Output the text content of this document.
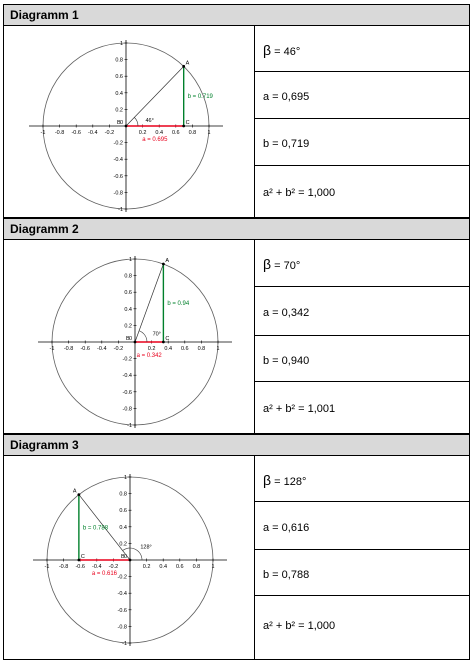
Diagramm 1
-1 -0.8 -0.6 -0.4 -0.2	0.2 0.4 0.6 0.8 1
1
0.8
0.6
0.4
0.2
-0.2
-0.4
-0.6
-0.8
-1
0	46°
A
B	C
a = 0.695
b = 0.719
β = 46°
a = 0,695
b = 0,719
a² + b² = 1,000
Diagramm 2
-1 -0.8 -0.6 -0.4 -0.2	0.2 0.4 0.6 0.8 1
1
0.8
0.6
0.4
0.2
-0.2
-0.4
-0.6
-0.8
-1
0
70°
A
B	C
a = 0.342
b = 0.94
β = 70°
a = 0,342
b = 0,940
a² + b² = 1,001
Diagramm 3
-1 -0.8 -0.6 -0.4 -0.2	0.2 0.4 0.6 0.8 1
1
0.8
0.6
0.4
0.2
-0.2
-0.4
-0.6
-0.8
-1
0
128°
A
B
C
a = 0.616
b = 0.788
β = 128°
a = 0,616
b = 0,788
a² + b² = 1,000
